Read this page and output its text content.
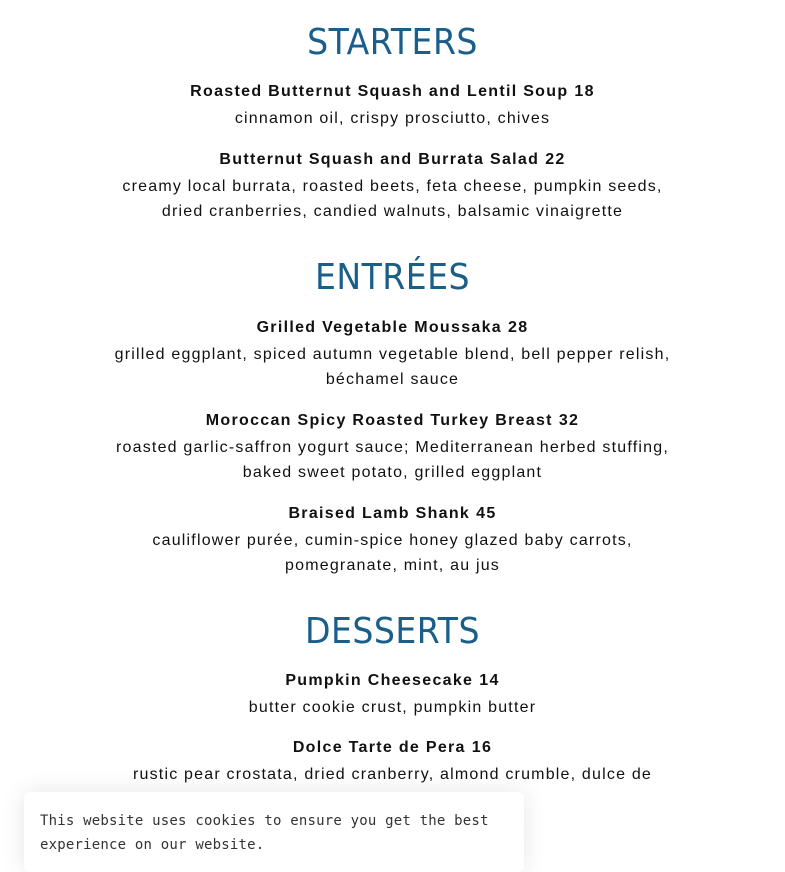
STARTERS

Roasted Butternut Squash and Lentil Soup 18

cinnamon oil, crispy prosciutto, chives

Butternut Squash and Burrata Salad 22

creamy local burrata, roasted beets, feta cheese, pumpkin seeds, dried cranberries, candied walnuts, balsamic vinaigrette

ENTRÉES

Grilled Vegetable Moussaka 28

grilled eggplant, spiced autumn vegetable blend, bell pepper relish, béchamel sauce

Moroccan Spicy Roasted Turkey Breast 32

roasted garlic-saffron yogurt sauce; Mediterranean herbed stuffing, baked sweet potato, grilled eggplant

Braised Lamb Shank 45

cauliflower purée, cumin-spice honey glazed baby carrots, pomegranate, mint, au jus

DESSERTS

Pumpkin Cheesecake 14

butter cookie crust, pumpkin butter

Dolce Tarte de Pera 16

rustic pear crostata, dried cranberry, almond crumble, dulce de

This website uses cookies to ensure you get the best experience on our website.
